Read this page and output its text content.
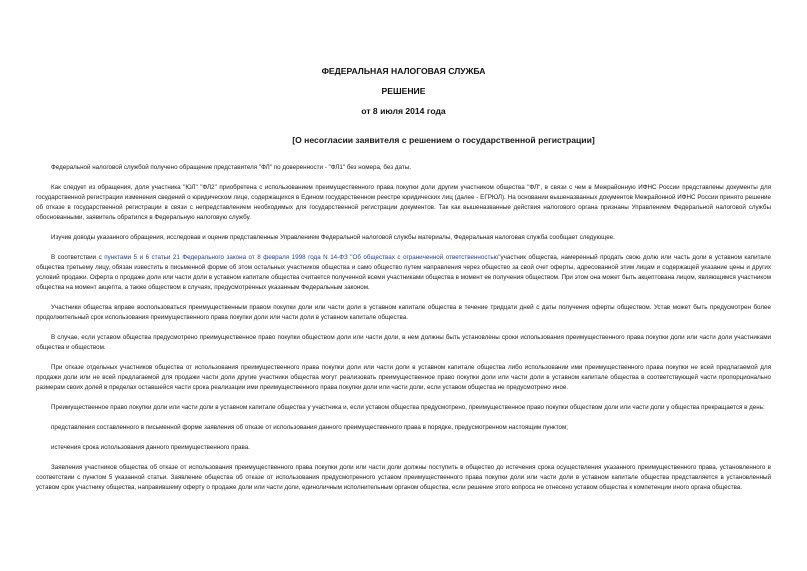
ФЕДЕРАЛЬНАЯ НАЛОГОВАЯ СЛУЖБА
РЕШЕНИЕ
от 8 июля 2014 года
[О несогласии заявителя с решением о государственной регистрации]

Федеральной налоговой службой получено обращение представителя "ФЛ" по доверенности - "ФЛ1" без номера, без даты.

Как следует из обращения, доля участника "ЮЛ" "ФЛ2" приобретена с использованием преимущественного права покупки доли другим участником общества "ФЛ", в связи с чем в Межрайонную ИФНС России представлены документы для государственной регистрации изменения сведений о юридическом лице, содержащихся в Едином государственном реестре юридических лиц (далее - ЕГРЮЛ). На основании вышеназванных документов Межрайонной ИФНС России принято решение об отказе в государственной регистрации в связи с непредставлением необходимых для государственной регистрации документов. Так как вышеназванные действия налогового органа признаны Управлением Федеральной налоговой службы обоснованными, заявитель обратился в Федеральную налоговую службу.

Изучив доводы указанного обращения, исследовав и оценив представленные Управлением Федеральной налоговой службы материалы, Федеральная налоговая служба сообщает следующее.

В соответствии с пунктами 5 и 6 статьи 21 Федерального закона от 8 февраля 1998 года N 14-ФЗ "Об обществах с ограниченной ответственностью"участник общества, намеренный продать свою долю или часть доли в уставном капитале общества третьему лицу, обязан известить в письменной форме об этом остальных участников общества и само общество путем направления через общество за свой счет оферты, адресованной этим лицам и содержащей указание цены и других условий продажи. Оферта о продаже доли или части доли в уставном капитале общества считается полученной всеми участниками общества в момент ее получения обществом. При этом она может быть акцептована лицом, являющимся участником общества на момент акцепта, а также обществом в случаях, предусмотренных указанным Федеральным законом.

Участники общества вправе воспользоваться преимущественным правом покупки доли или части доли в уставном капитале общества в течение тридцати дней с даты получения оферты обществом. Устав может быть предусмотрен более продолжительный срок использования преимущественного права покупки доли или части доли в уставном капитале общества.

В случае, если уставом общества предусмотрено преимущественное право покупки обществом доли или части доли, в нем должны быть установлены сроки использования преимущественного права покупки доли или части доли участниками общества и обществом.

При отказе отдельных участников общества от использования преимущественного права покупки доли или части доли в уставном капитале общества либо использовании ими преимущественного права покупки не всей предлагаемой для продажи доли или не всей предлагаемой для продажи части доли другие участники общества могут реализовать преимущественное право покупки доли или части доли в уставном капитале общества в соответствующей части пропорционально размерам своих долей в пределах оставшейся части срока реализации ими преимущественного права покупки доли или части доли, если уставом общества не предусмотрено иное.

Преимущественное право покупки доли или части доли в уставном капитале общества у участника и, если уставом общества предусмотрено, преимущественное право покупки обществом доли или части доли у общества прекращается в день:

представления составленного в письменной форме заявления об отказе от использования данного преимущественного права в порядке, предусмотренном настоящим пунктом;

истечения срока использования данного преимущественного права.

Заявления участников общества об отказе от использования преимущественного права покупки доли или части доли должны поступить в общество до истечения срока осуществления указанного преимущественного права, установленного в соответствии с пунктом 5 указанной статьи. Заявление общества об отказе от использования предусмотренного уставом преимущественного права покупки доли или части доли в уставном капитале общества представляется в установленный уставом срок участнику общества, направившему оферту о продаже доли или части доли, единоличным исполнительным органом общества, если решение этого вопроса не отнесено уставом общества к компетенции иного органа общества.
